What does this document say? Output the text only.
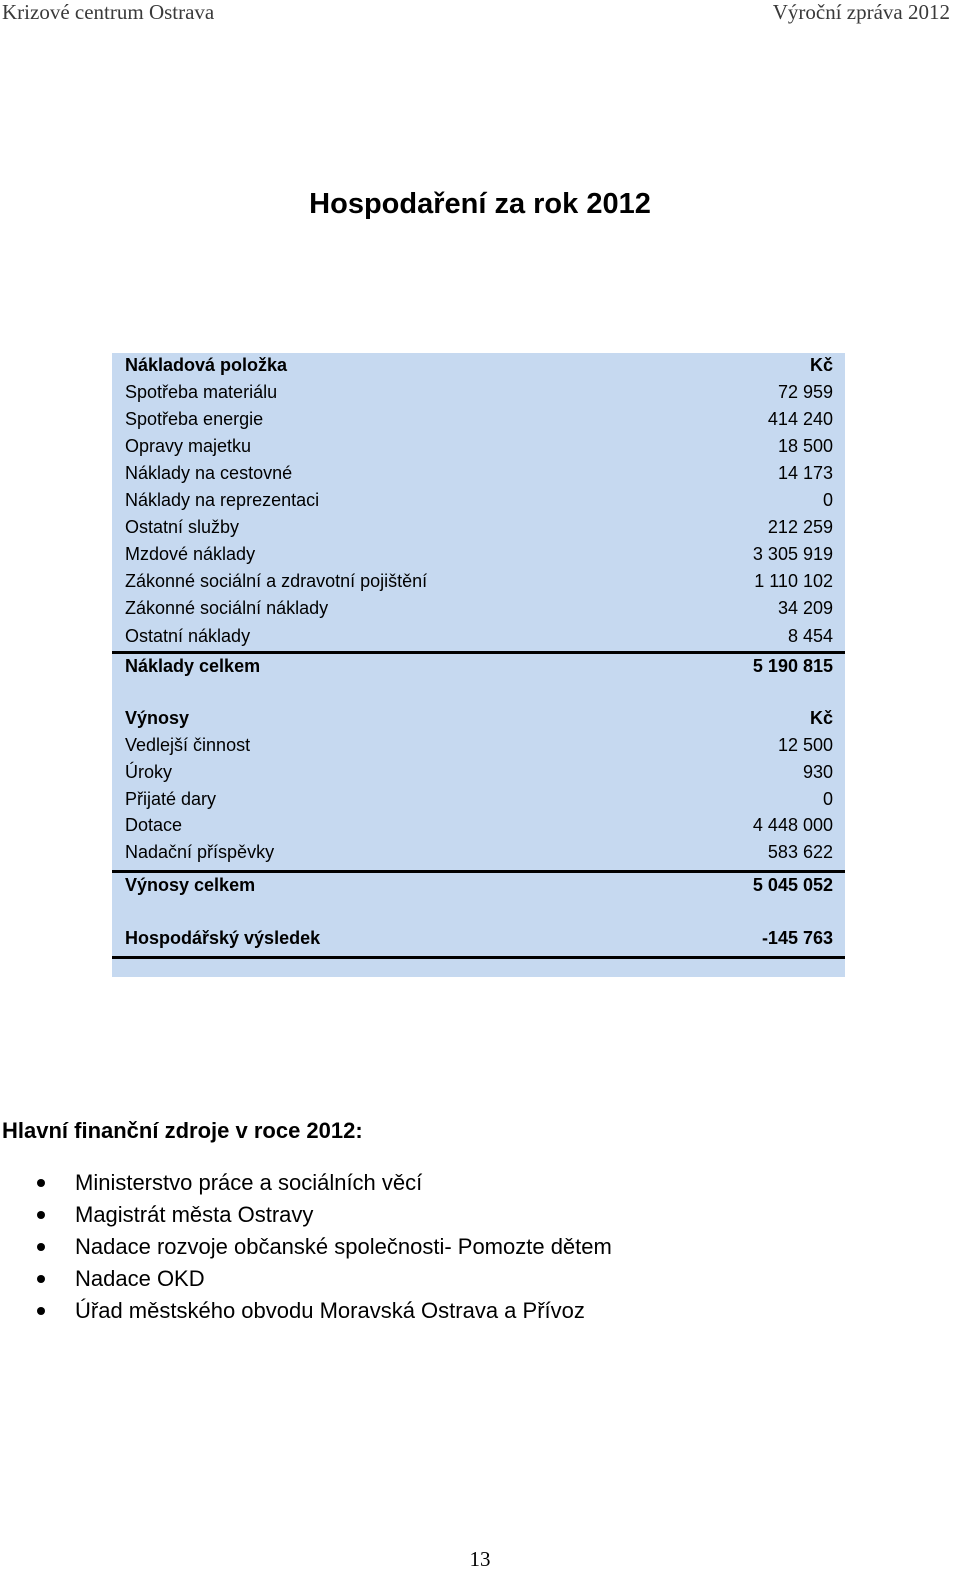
Krizové centrum Ostrava	Výroční zpráva 2012
Hospodaření za rok 2012
Nákladová položka	Kč
Spotřeba materiálu	72 959
Spotřeba energie	414 240
Opravy majetku	18 500
Náklady na cestovné	14 173
Náklady na reprezentaci	0
Ostatní služby	212 259
Mzdové náklady	3 305 919
Zákonné sociální a zdravotní pojištění	1 110 102
Zákonné sociální náklady	34 209
Ostatní náklady	8 454
Náklady celkem	5 190 815
Výnosy	Kč
Vedlejší činnost	12 500
Úroky	930
Přijaté dary	0
Dotace	4 448 000
Nadační příspěvky	583 622
Výnosy celkem	5 045 052
Hospodářský výsledek	-145 763
Hlavní finanční zdroje v roce 2012:
Ministerstvo práce a sociálních věcí
Magistrát města Ostravy
Nadace rozvoje občanské společnosti- Pomozte dětem
Nadace OKD
Úřad městského obvodu Moravská Ostrava a Přívoz
13
